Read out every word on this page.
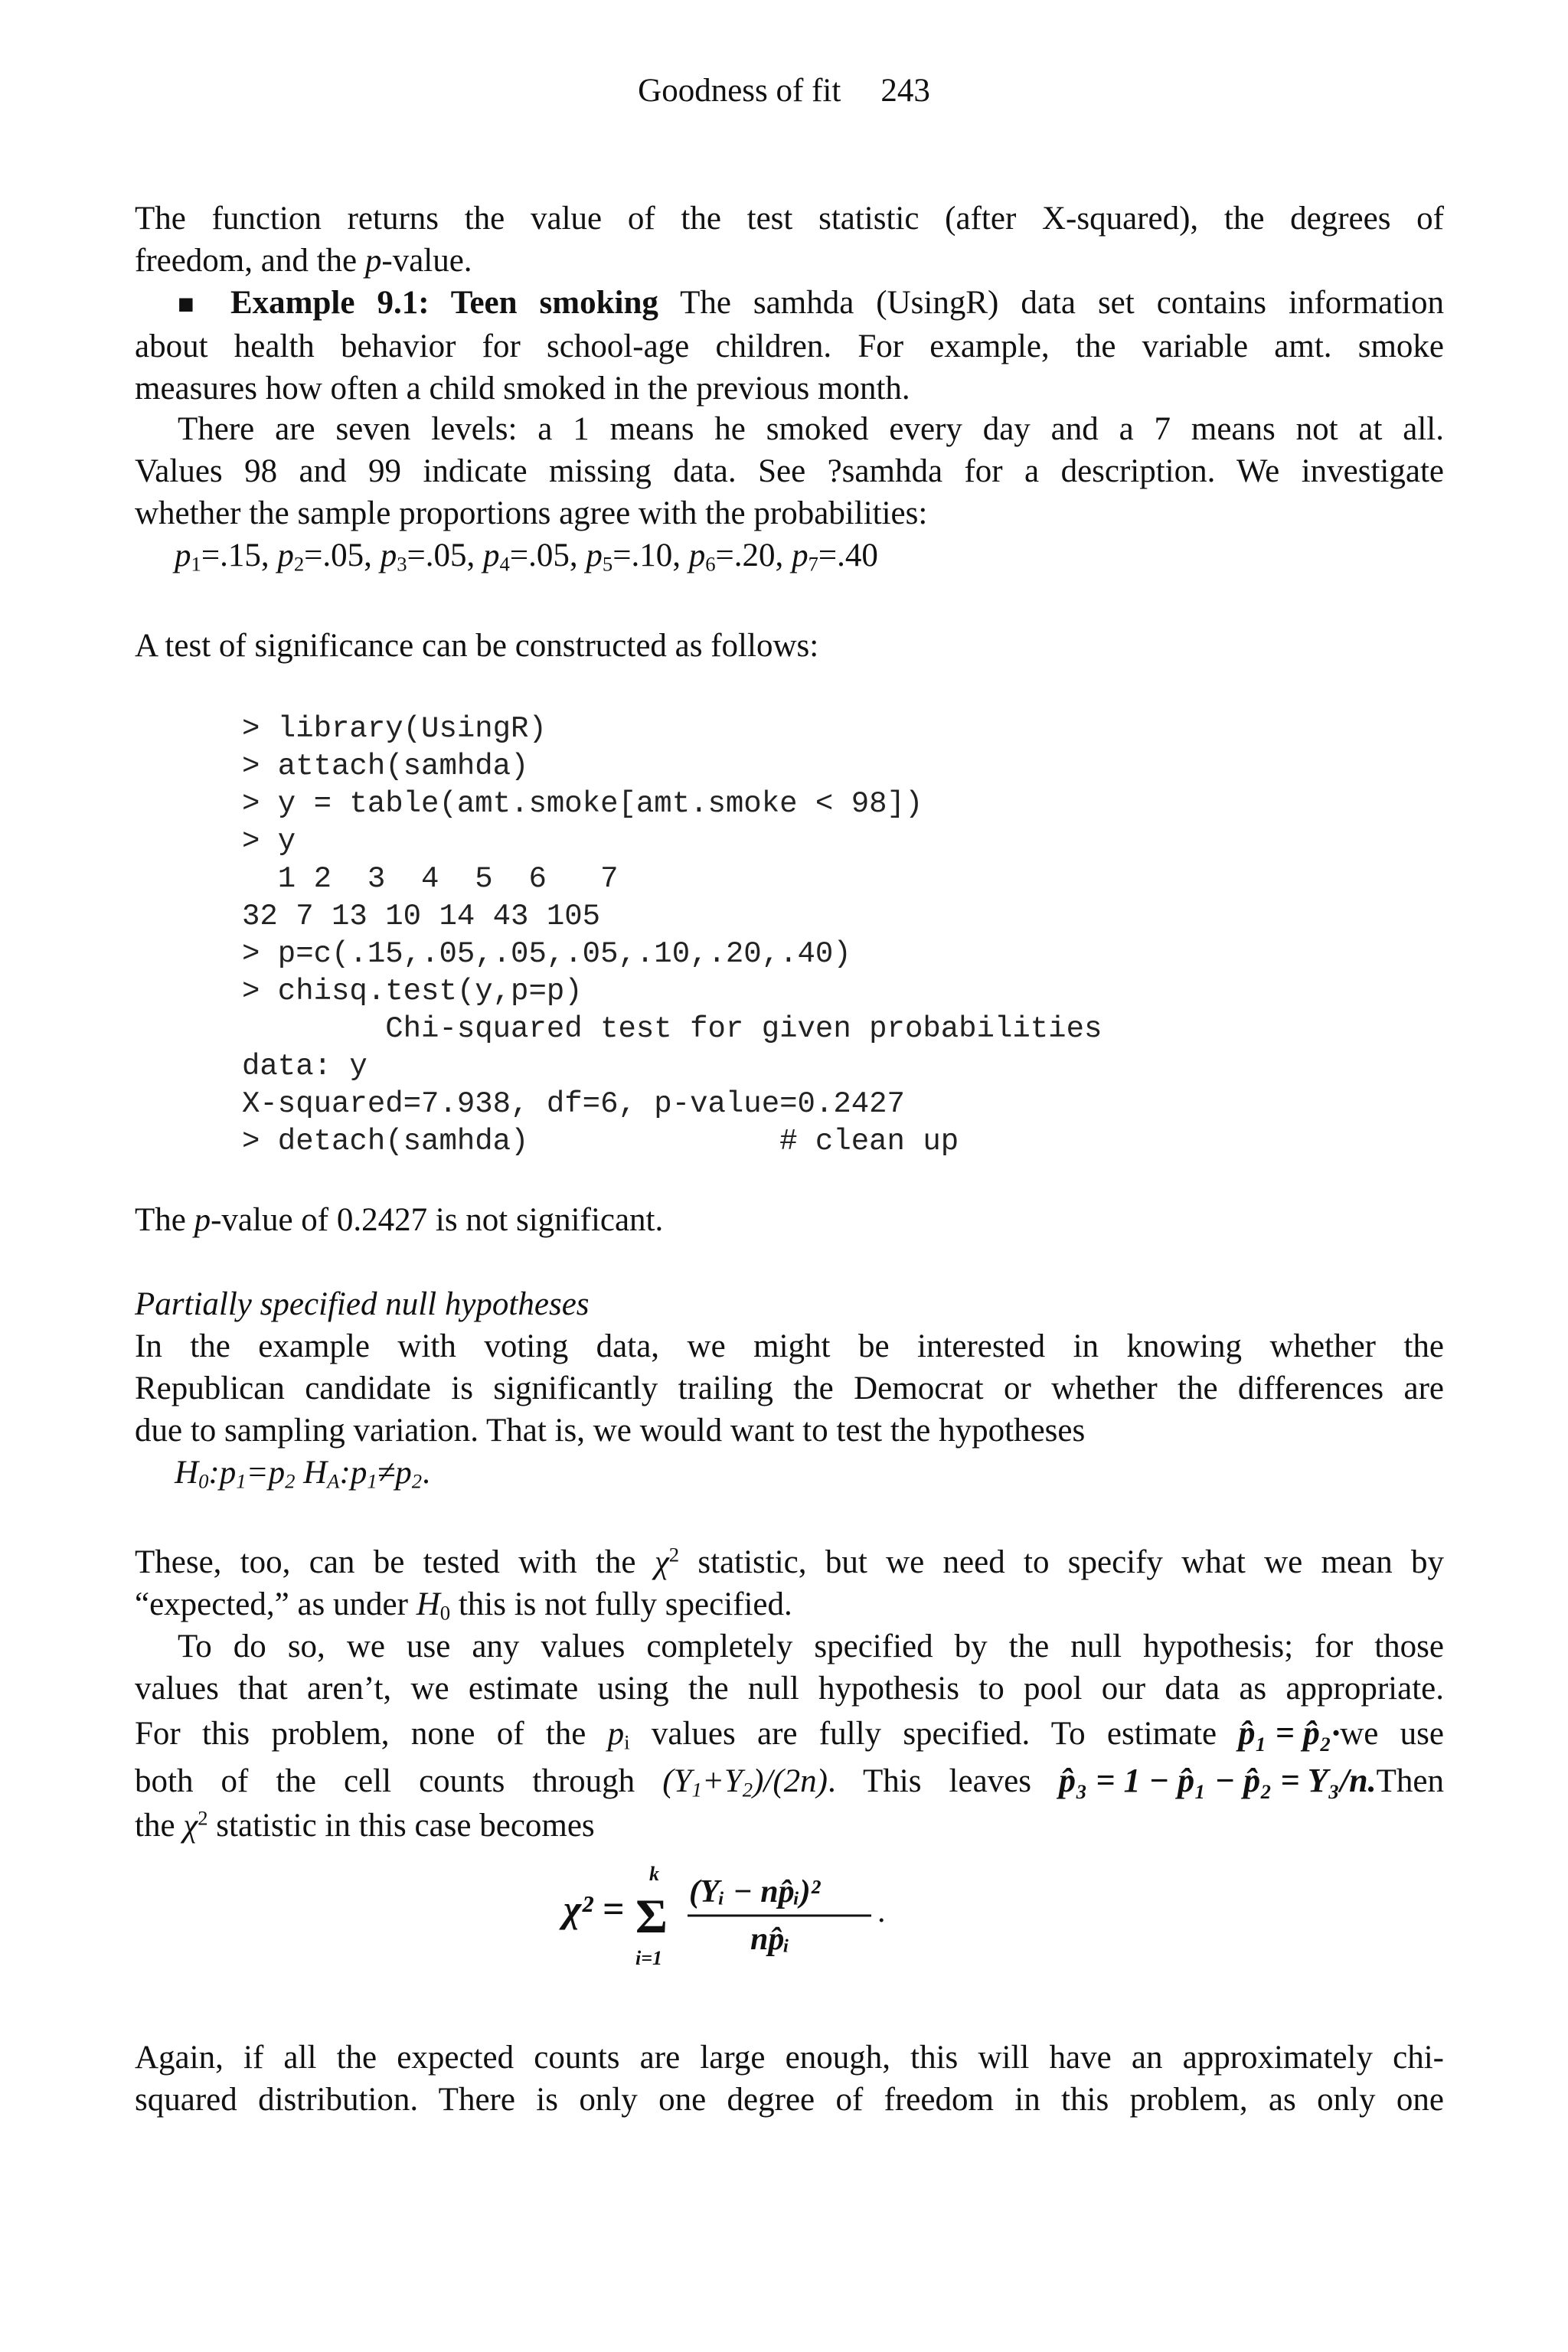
Goodness of fit 243
The function returns the value of the test statistic (after X-squared), the degrees of
freedom, and the p-value.
■ Example 9.1: Teen smoking The samhda (UsingR) data set contains information
about health behavior for school-age children. For example, the variable amt. smoke
measures how often a child smoked in the previous month.
There are seven levels: a 1 means he smoked every day and a 7 means not at all.
Values 98 and 99 indicate missing data. See ?samhda for a description. We investigate
whether the sample proportions agree with the probabilities:
$p_1=.15$, $p_2=.05$, $p_3=.05$, $p_4=.05$, $p_5=.10$, $p_6=.20$, $p_7=.40$
A test of significance can be constructed as follows:
> library(UsingR)
> attach(samhda)
> y = table(amt.smoke[amt.smoke < 98])
> y
1 2  3  4  5  6   7
32 7 13 10 14 43 105
> p=c(.15,.05,.05,.05,.10,.20,.40)
> chisq.test(y,p=p)
Chi-squared test for given probabilities
data: y
X-squared=7.938, df=6, p-value=0.2427
> detach(samhda)              # clean up
The p-value of 0.2427 is not significant.
Partially specified null hypotheses
In the example with voting data, we might be interested in knowing whether the
Republican candidate is significantly trailing the Democrat or whether the differences are
due to sampling variation. That is, we would want to test the hypotheses
$H_0:p_1=p_2$ $H_A:p_1\ne p_2$.
These, too, can be tested with the $\chi^2$ statistic, but we need to specify what we mean by
“expected,” as under $H_0$ this is not fully specified.
To do so, we use any values completely specified by the null hypothesis; for those
values that aren’t, we estimate using the null hypothesis to pool our data as appropriate.
For this problem, none of the $p_i$ values are fully specified. To estimate p̂₁ = p̂₂·we use
both of the cell counts through $(Y_1+Y_2)/(2n)$. This leaves p̂₃ = 1 − p̂₁ − p̂₂ = Y₃/n.Then
the $\chi^2$ statistic in this case becomes
χ² =
k
Σ
i=1
(Yᵢ − np̂ᵢ)²
np̂ᵢ
.
Again, if all the expected counts are large enough, this will have an approximately chi-
squared distribution. There is only one degree of freedom in this problem, as only one
